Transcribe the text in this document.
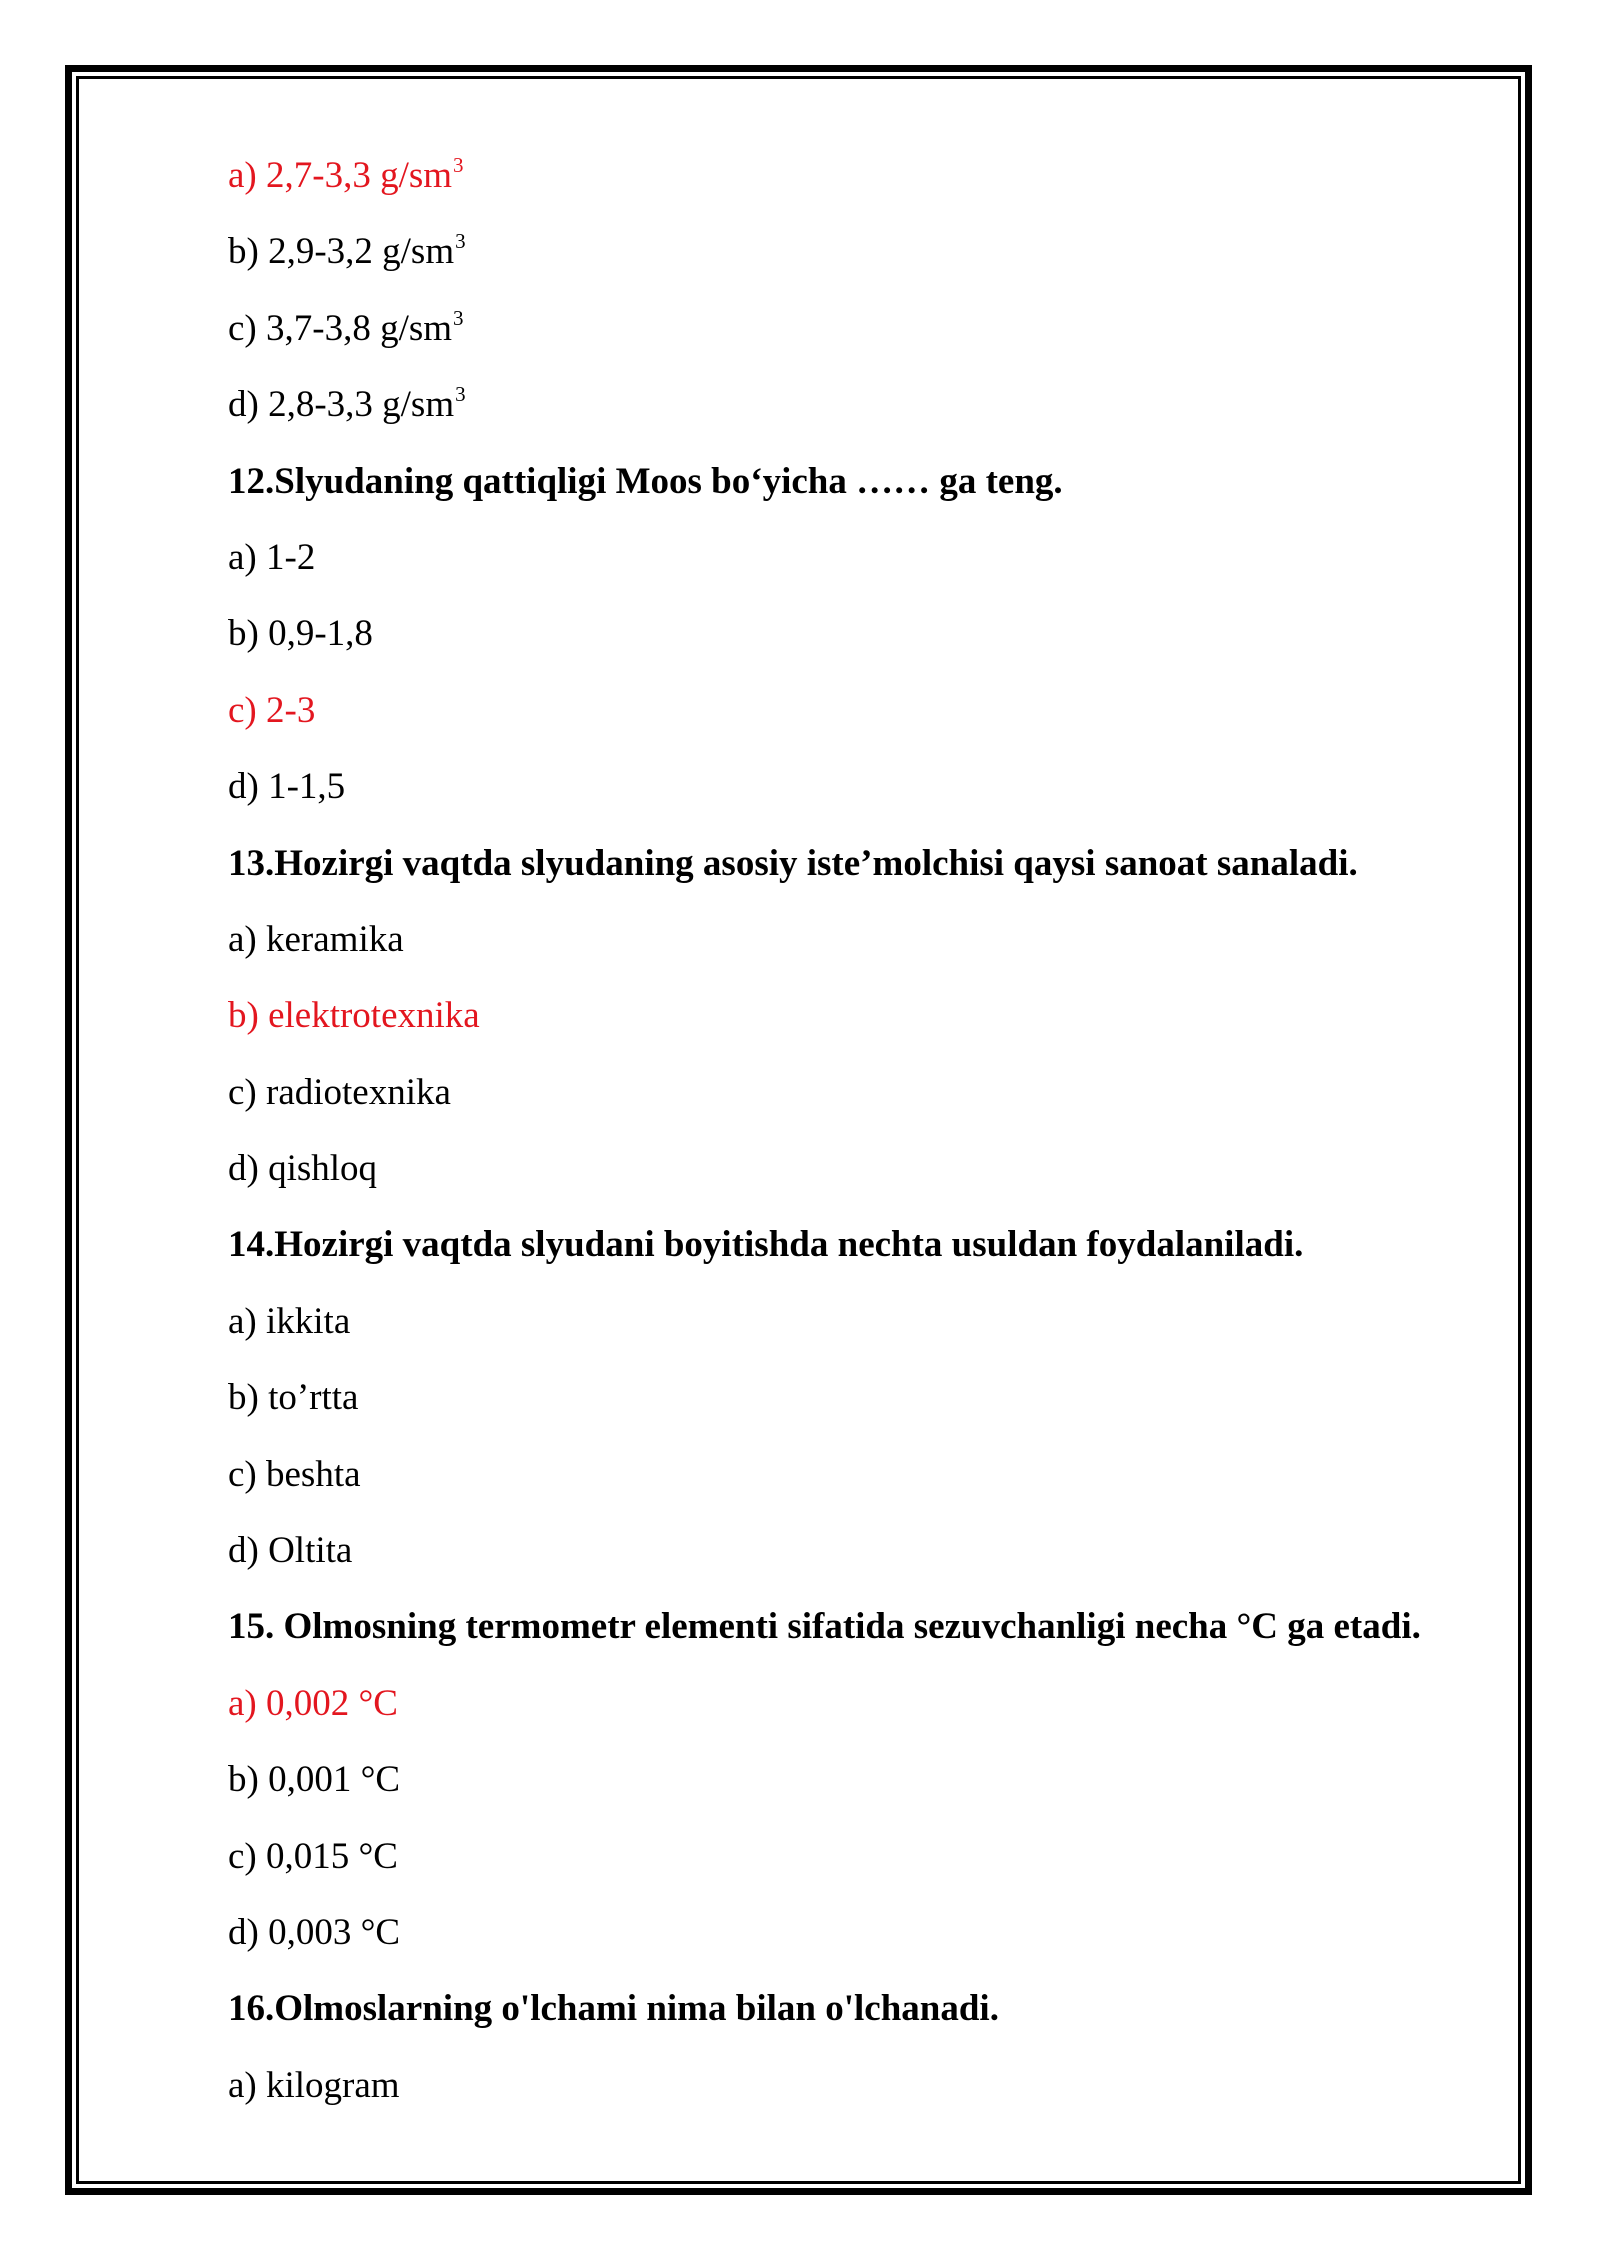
a) 2,7-3,3 $g/sm^3$
b) 2,9-3,2 $g/sm^3$
c) 3,7-3,8 $g/sm^3$
d) 2,8-3,3 $g/sm^3$
12.Slyudaning qattiqligi Moos bo‘yicha …… ga teng.
a) 1-2
b) 0,9-1,8
c) 2-3
d) 1-1,5
13.Hozirgi vaqtda slyudaning asosiy iste’molchisi qaysi sanoat sanaladi.
a) keramika
b) elektrotexnika
c) radiotexnika
d) qishloq
14.Hozirgi vaqtda slyudani boyitishda nechta usuldan foydalaniladi.
a) ikkita
b) to’rtta
c) beshta
d) Oltita
15. Olmosning termometr elementi sifatida sezuvchanligi necha °C ga etadi.
a) 0,002 °C
b) 0,001 °C
c) 0,015 °C
d) 0,003 °C
16.Olmoslarning o'lchami nima bilan o'lchanadi.
a) kilogram
